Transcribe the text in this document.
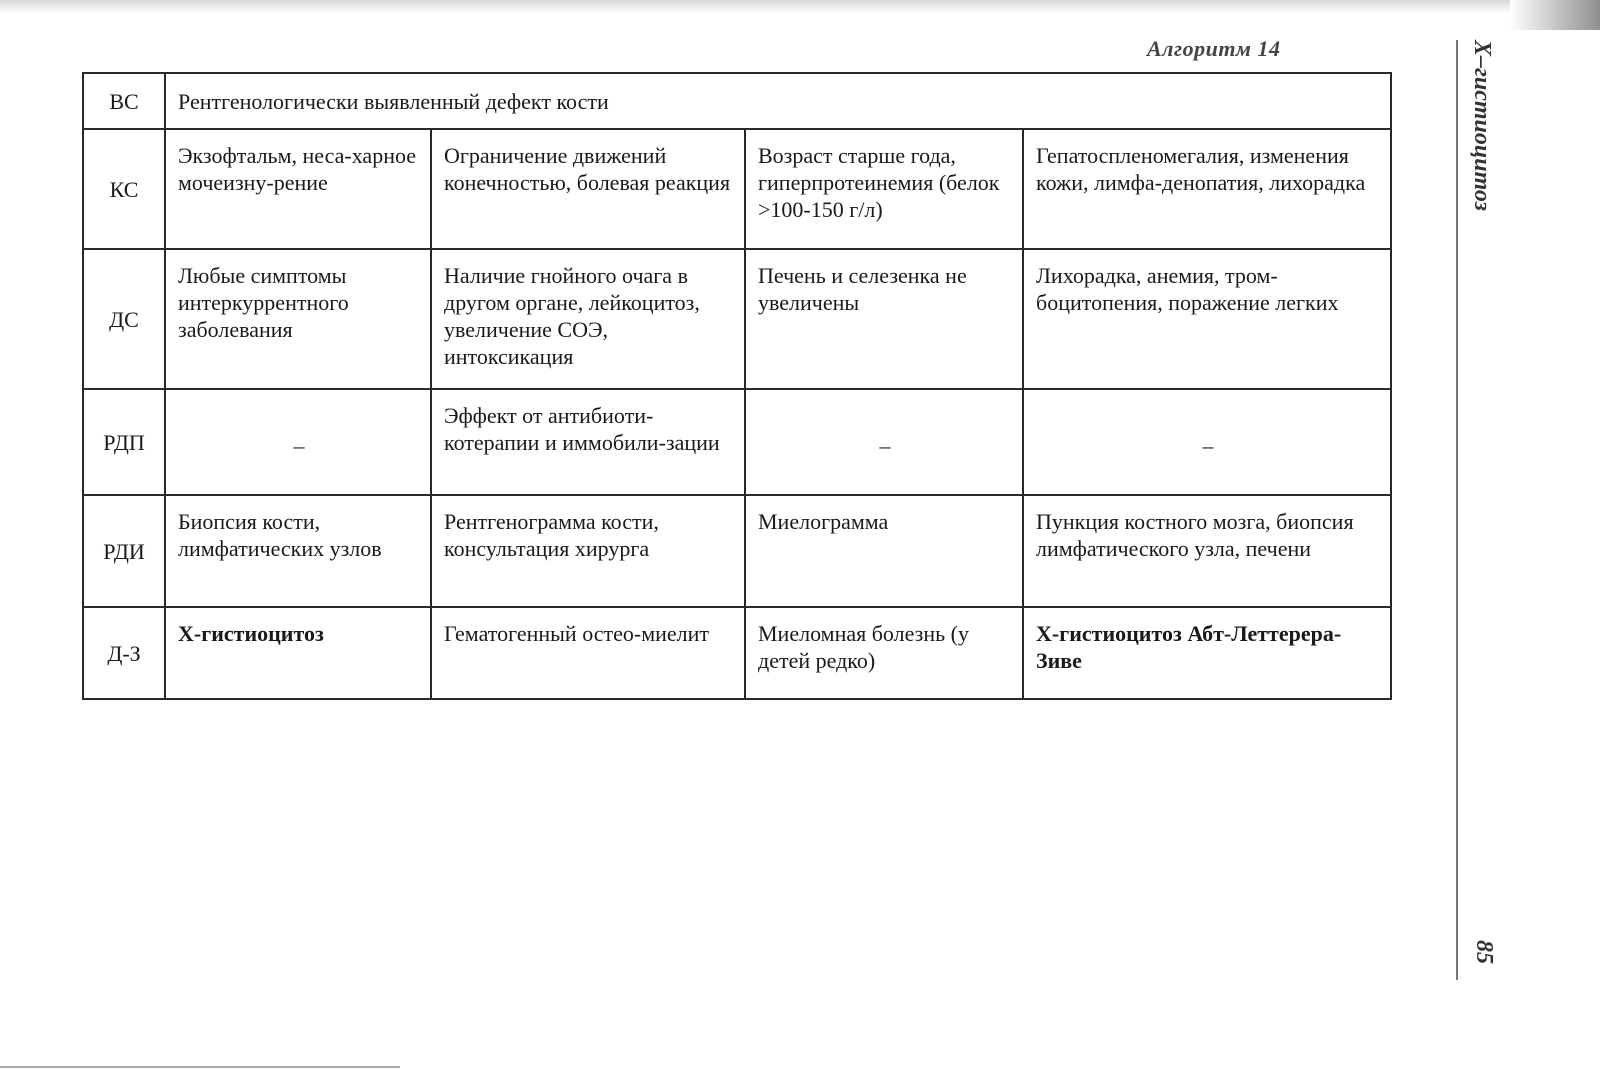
Алгоритм 14	Х–гистиоцитоз
85
ВС	Рентгенологически выявленный дефект кости			
КС	Экзофтальм, неса-харное мочеизну-рение	Ограничение движений конечностью, болевая реакция	Возраст старше года, гиперпротеинемия (белок >100-150 г/л)	Гепатоспленомегалия, изменения кожи, лимфа-денопатия, лихорадка
ДС	Любые симптомы интеркуррентного заболевания	Наличие гнойного очага в другом органе, лейкоцитоз, увеличение СОЭ, интоксикация	Печень и селезенка не увеличены	Лихорадка, анемия, тром-боцитопения, поражение легких
РДП	–	Эффект от антибиоти-котерапии и иммобили-зации	–	–
РДИ	Биопсия кости, лимфатических узлов	Рентгенограмма кости, консультация хирурга	Миелограмма	Пункция костного мозга, биопсия лимфатического узла, печени
Д-З	Х-гистиоцитоз	Гематогенный остео-миелит	Миеломная болезнь (у детей редко)	Х-гистиоцитоз Абт-Леттерера-Зиве
